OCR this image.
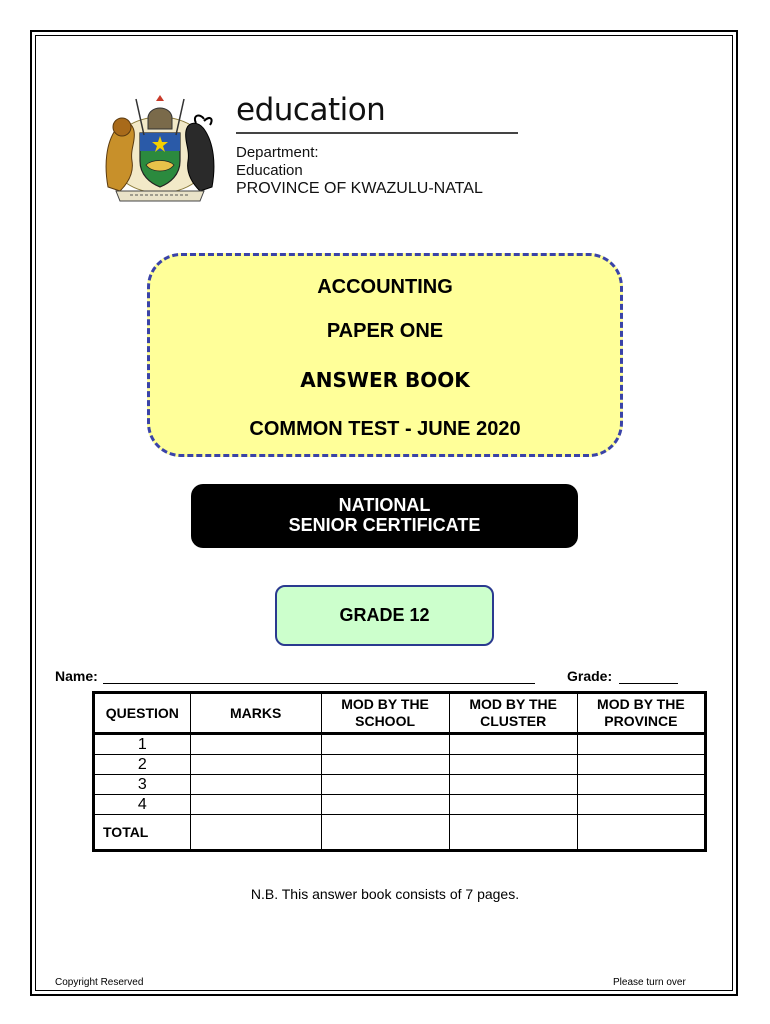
education
Department:
Education
PROVINCE OF KWAZULU-NATAL
ACCOUNTING
PAPER ONE
ANSWER BOOK
COMMON TEST - JUNE 2020
NATIONAL
SENIOR CERTIFICATE
GRADE 12
Name:	Grade:
QUESTION	MARKS	MOD BY THE SCHOOL	MOD BY THE CLUSTER	MOD BY THE PROVINCE
1				
2				
3				
4				
TOTAL				
N.B. This answer book consists of 7 pages.
Copyright Reserved	Please turn over
